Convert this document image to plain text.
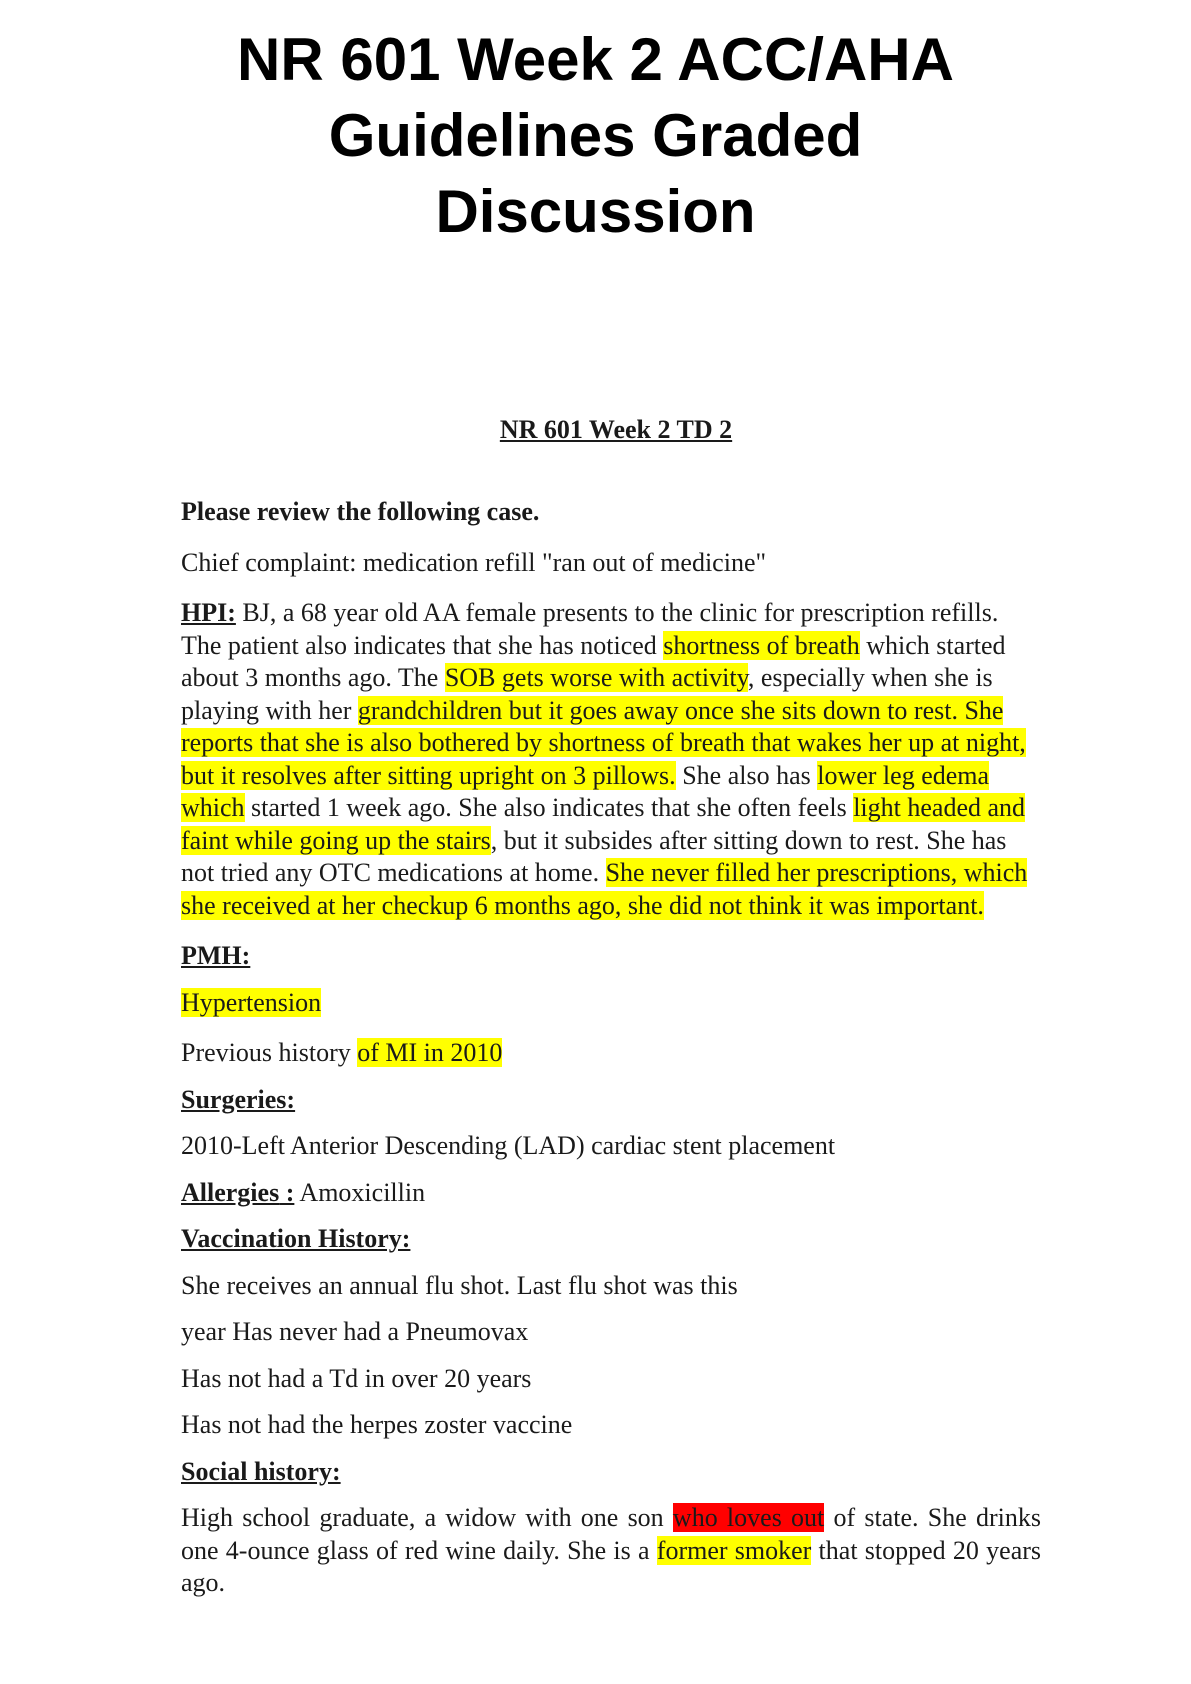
NR 601 Week 2 ACC/AHA
Guidelines Graded
Discussion
NR 601 Week 2 TD 2

Please review the following case.

Chief complaint: medication refill "ran out of medicine"

HPI: BJ, a 68 year old AA female presents to the clinic for prescription refills. The patient also indicates that she has noticed shortness of breath which started about 3 months ago. The SOB gets worse with activity, especially when she is playing with her grandchildren but it goes away once she sits down to rest. She reports that she is also bothered by shortness of breath that wakes her up at night, but it resolves after sitting upright on 3 pillows. She also has lower leg edema which started 1 week ago. She also indicates that she often feels light headed and faint while going up the stairs, but it subsides after sitting down to rest. She has not tried any OTC medications at home. She never filled her prescriptions, which she received at her checkup 6 months ago, she did not think it was important.

PMH:

Hypertension

Previous history of MI in 2010

Surgeries:

2010-Left Anterior Descending (LAD) cardiac stent placement

Allergies : Amoxicillin

Vaccination History:

She receives an annual flu shot. Last flu shot was this

year Has never had a Pneumovax

Has not had a Td in over 20 years

Has not had the herpes zoster vaccine

Social history:

High school graduate, a widow with one son who loves out of state. She drinks one 4-ounce glass of red wine daily. She is a former smoker that stopped 20 years ago.
